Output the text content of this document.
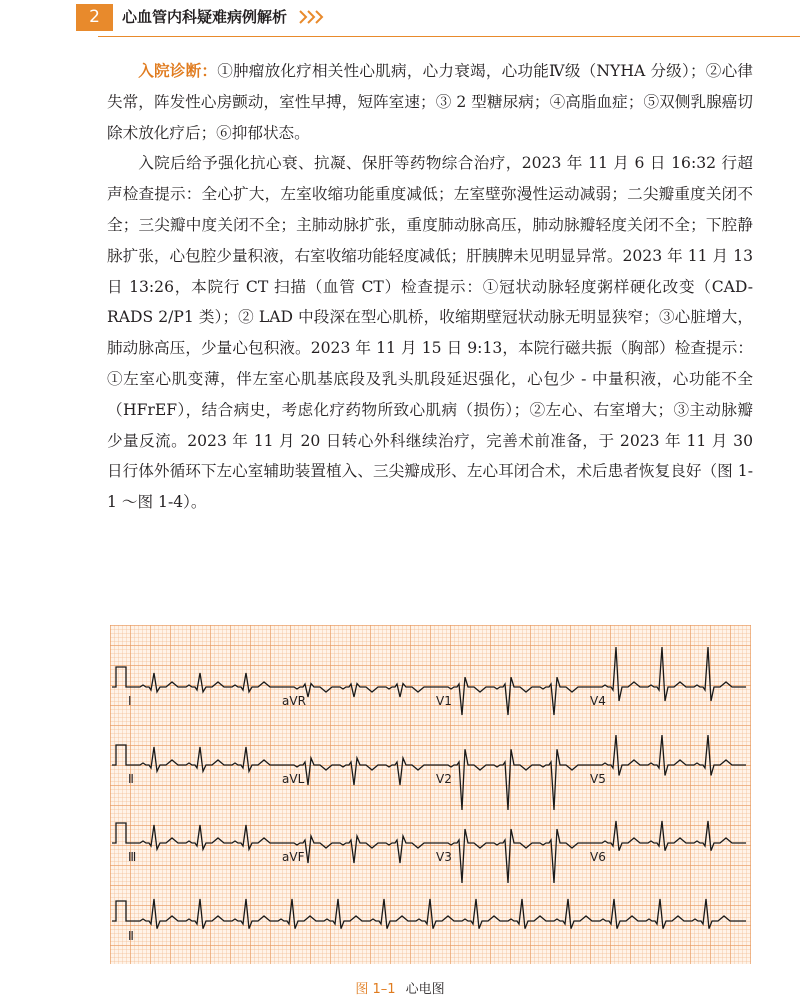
2	心血管内科疑难病例解析

入院诊断：①肿瘤放化疗相关性心肌病，心力衰竭，心功能Ⅳ级（NYHA 分级）；②心律失常，阵发性心房颤动，室性早搏，短阵室速；③ 2 型糖尿病；④高脂血症；⑤双侧乳腺癌切除术放化疗后；⑥抑郁状态。

入院后给予强化抗心衰、抗凝、保肝等药物综合治疗，2023 年 11 月 6 日 16:32 行超声检查提示：全心扩大，左室收缩功能重度减低；左室壁弥漫性运动减弱；二尖瓣重度关闭不全；三尖瓣中度关闭不全；主肺动脉扩张，重度肺动脉高压，肺动脉瓣轻度关闭不全；下腔静脉扩张，心包腔少量积液，右室收缩功能轻度减低；肝胰脾未见明显异常。2023 年 11 月 13 日 13:26，本院行 CT 扫描（血管 CT）检查提示：①冠状动脉轻度粥样硬化改变（CAD-RADS 2/P1 类）；② LAD 中段深在型心肌桥，收缩期壁冠状动脉无明显狭窄；③心脏增大，肺动脉高压，少量心包积液。2023 年 11 月 15 日 9:13，本院行磁共振（胸部）检查提示：①左室心肌变薄，伴左室心肌基底段及乳头肌段延迟强化，心包少 - 中量积液，心功能不全（HFrEF），结合病史，考虑化疗药物所致心肌病（损伤）；②左心、右室增大；③主动脉瓣少量反流。2023 年 11 月 20 日转心外科继续治疗，完善术前准备，于 2023 年 11 月 30 日行体外循环下左心室辅助装置植入、三尖瓣成形、左心耳闭合术，术后患者恢复良好（图 1-1 ～图 1-4）。

Ⅰ	aVR	V1	V4
Ⅱ	aVL	V2	V5
Ⅲ	aVF	V3	V6
Ⅱ
图 1–1 心电图
